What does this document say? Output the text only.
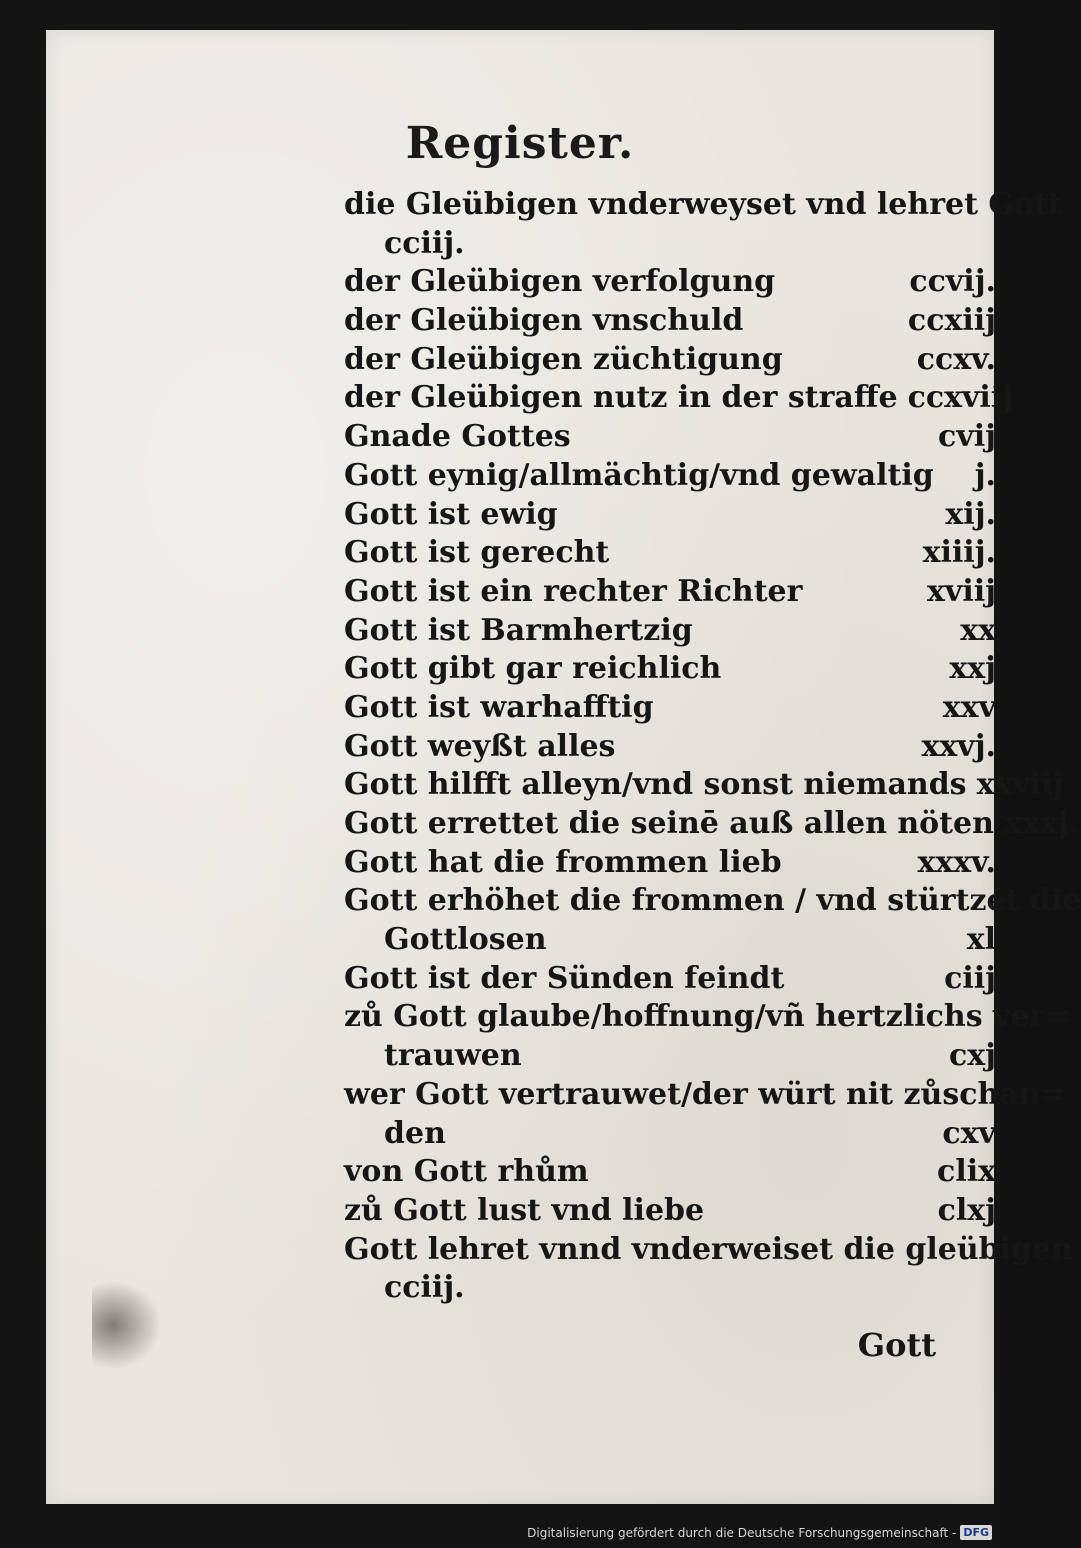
Register.
die Gleübigen vnderweyset vnd lehret Gott
cciij.
der Gleübigen verfolgung	ccvij.
der Gleübigen vnschuld	ccxiij
der Gleübigen züchtigung	ccxv.
der Gleübigen nutz in der straffe ccxviij
Gnade Gottes	cvij
Gott eynig/allmächtig/vnd gewaltig	j.
Gott ist ewig	xij.
Gott ist gerecht	xiiij.
Gott ist ein rechter Richter	xviij
Gott ist Barmhertzig	xx
Gott gibt gar reichlich	xxj
Gott ist warhafftig	xxv
Gott weyßt alles	xxvj.
Gott hilfft alleyn/vnd sonst niemands xxviij
Gott errettet die seinē auß allen nöten xxxj.
Gott hat die frommen lieb	xxxv.
Gott erhöhet die frommen / vnd stürtzet die
Gottlosen	xl
Gott ist der Sünden feindt	ciij
zů Gott glaube/hoffnung/vñ hertzlichs ver=
trauwen	cxj
wer Gott vertrauwet/der würt nit zůschan=
den	cxv
von Gott rhům	clix
zů Gott lust vnd liebe	clxj
Gott lehret vnnd vnderweiset die gleübigen
cciij.
Gott
Digitalisierung gefördert durch die Deutsche Forschungsgemeinschaft - DFG
